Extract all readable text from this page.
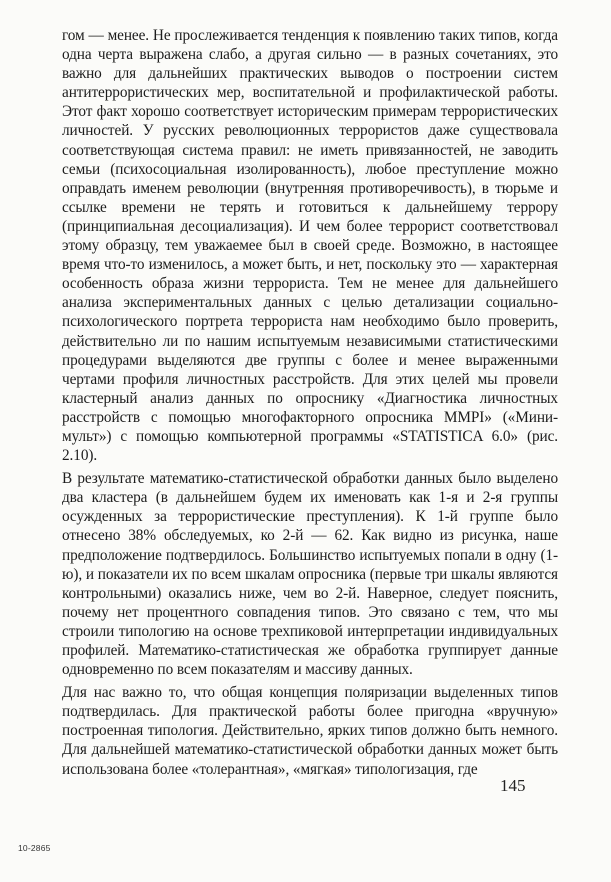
гом — менее. Не прослеживается тенденция к появлению таких типов, когда одна черта выражена слабо, а другая сильно — в разных сочетаниях, это важно для дальнейших практических выводов о построении систем антитеррористических мер, воспитательной и профилактической работы. Этот факт хорошо соответствует историческим примерам террористических личностей. У русских революционных террористов даже существовала соответствующая система правил: не иметь привязанностей, не заводить семьи (психосоциальная изолированность), любое преступление можно оправдать именем революции (внутренняя противоречивость), в тюрьме и ссылке времени не терять и готовиться к дальнейшему террору (принципиальная десоциализация). И чем более террорист соответствовал этому образцу, тем уважаемее был в своей среде. Возможно, в настоящее время что-то изменилось, а может быть, и нет, поскольку это — характерная особенность образа жизни террориста. Тем не менее для дальнейшего анализа экспериментальных данных с целью детализации социально-психологического портрета террориста нам необходимо было проверить, действительно ли по нашим испытуемым независимыми статистическими процедурами выделяются две группы с более и менее выраженными чертами профиля личностных расстройств. Для этих целей мы провели кластерный анализ данных по опроснику «Диагностика личностных расстройств с помощью многофакторного опросника MMPI» («Мини-мульт») с помощью компьютерной программы «STATISTICA 6.0» (рис. 2.10).

В результате математико-статистической обработки данных было выделено два кластера (в дальнейшем будем их именовать как 1-я и 2-я группы осужденных за террористические преступления). К 1-й группе было отнесено 38% обследуемых, ко 2-й — 62. Как видно из рисунка, наше предположение подтвердилось. Большинство испытуемых попали в одну (1-ю), и показатели их по всем шкалам опросника (первые три шкалы являются контрольными) оказались ниже, чем во 2-й. Наверное, следует пояснить, почему нет процентного совпадения типов. Это связано с тем, что мы строили типологию на основе трехпиковой интерпретации индивидуальных профилей. Математико-статистическая же обработка группирует данные одновременно по всем показателям и массиву данных.

Для нас важно то, что общая концепция поляризации выделенных типов подтвердилась. Для практической работы более пригодна «вручную» построенная типология. Действительно, ярких типов должно быть немного. Для дальнейшей математико-статистической обработки данных может быть использована более «толерантная», «мягкая» типологизация, где

145
10-2865
